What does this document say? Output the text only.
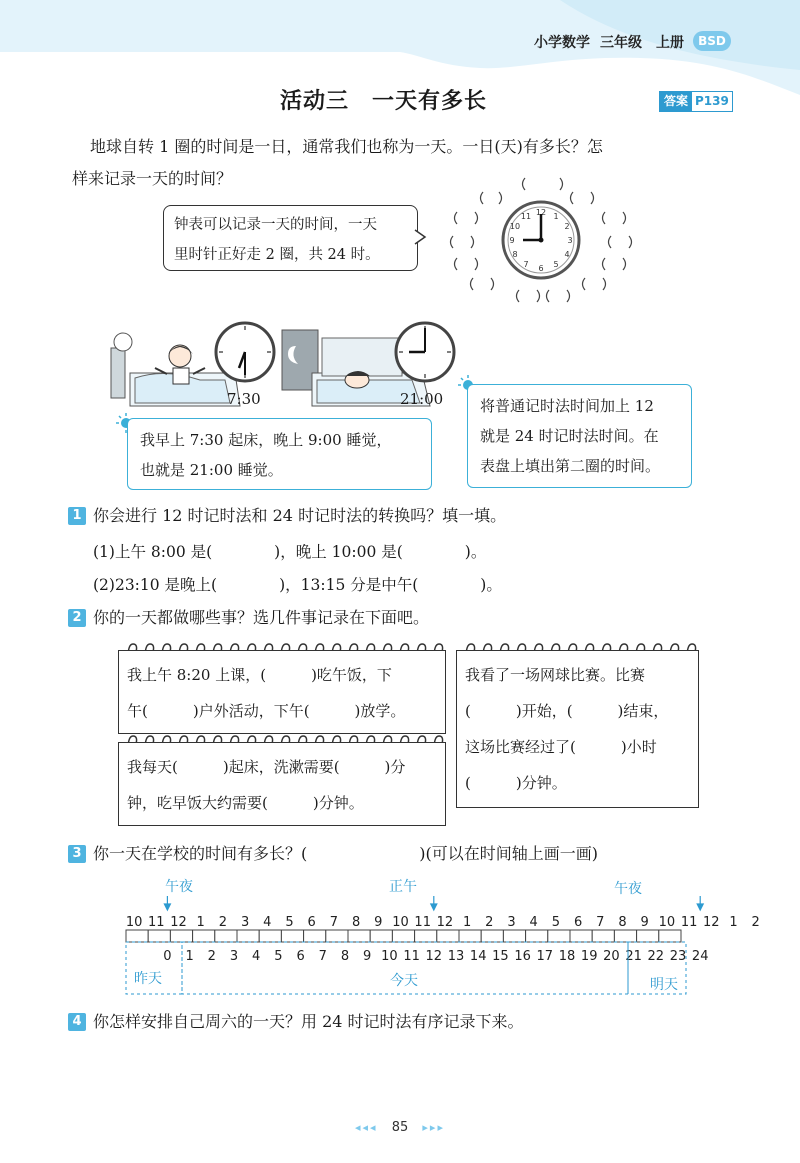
小学数学 三年级 上册	BSD
活动三　一天有多长	答案 P139
地球自转 1 圈的时间是一日，通常我们也称为一天。一日(天)有多长？怎
样来记录一天的时间？
钟表可以记录一天的时间，一天
里时针正好走 2 圈，共 24 时。
12 1
2
3
4
5
6
7
8
9
10
11
7:30	21:00
我早上 7:30 起床，晚上 9:00 睡觉，
也就是 21:00 睡觉。
将普通记时法时间加上 12
就是 24 时记时法时间。在
表盘上填出第二圈的时间。
1 你会进行 12 时记时法和 24 时记时法的转换吗？填一填。
(1)上午 8:00 是(　　　　)，晚上 10:00 是(　　　　)。
(2)23:10 是晚上(　　　　)，13:15 分是中午(　　　　)。
2 你的一天都做哪些事？选几件事记录在下面吧。
我上午 8:20 上课，(　　　)吃午饭，下
午(　　　)户外活动，下午(　　　)放学。
我每天(　　　)起床，洗漱需要(　　　)分
钟，吃早饭大约需要(　　　)分钟。
我看了一场网球比赛。比赛
(　　　)开始，(　　　)结束，
这场比赛经过了(　　　)小时
(　　　)分钟。
3 你一天在学校的时间有多长？(　　　　　　　)(可以在时间轴上画一画)
午夜	正午	午夜
10 11 12 1 2 3 4 5 6 7 8 9 10 11 12 1 2 3 4 5 6 7 8 9 10 11 12 1 2
0 1 2 3 4 5 6 7 8 9 10 11 12 13 14 15 16 17 18 19 20 21 22 23 24
昨天	今天	明天
4 你怎样安排自己周六的一天？用 24 时记时法有序记录下来。
◂◂◂ 85 ▸▸▸
